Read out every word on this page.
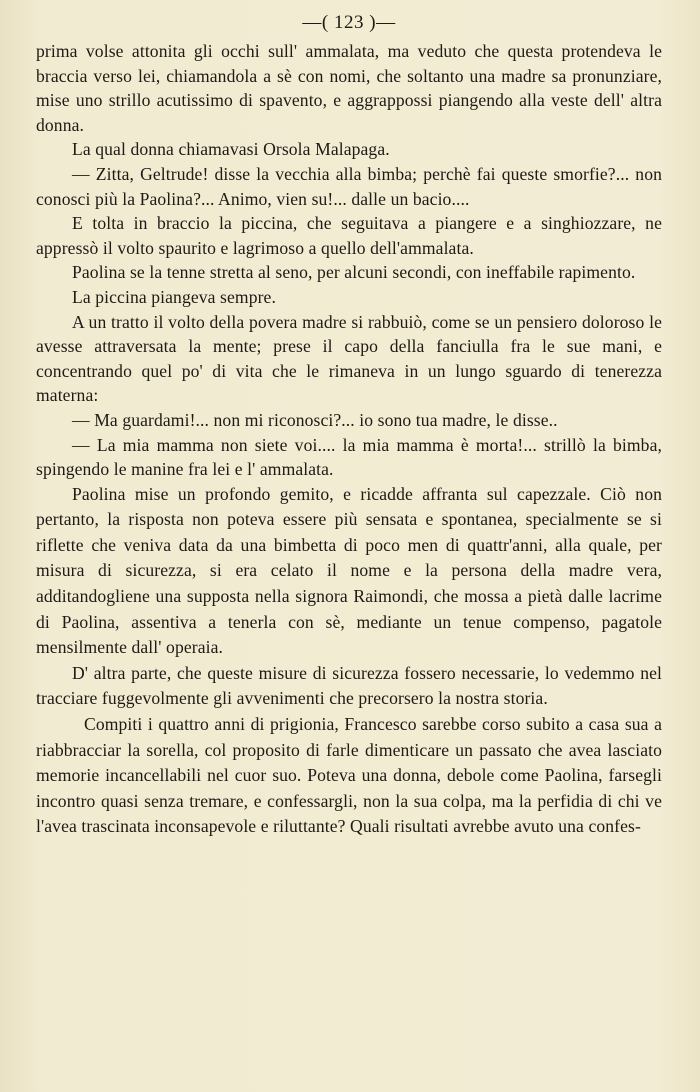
—( 123 )—

prima volse attonita gli occhi sull' ammalata, ma veduto che questa protendeva le braccia verso lei, chiamandola a sè con nomi, che soltanto una madre sa pronunziare, mise uno strillo acutissimo di spavento, e aggrappossi piangendo alla veste dell' altra donna.

La qual donna chiamavasi Orsola Malapaga.

— Zitta, Geltrude! disse la vecchia alla bimba; perchè fai queste smorfie?... non conosci più la Paolina?... Animo, vien su!... dalle un bacio....

E tolta in braccio la piccina, che seguitava a piangere e a singhiozzare, ne appressò il volto spaurito e lagrimoso a quello dell'ammalata.

Paolina se la tenne stretta al seno, per alcuni secondi, con ineffabile rapimento.

La piccina piangeva sempre.

A un tratto il volto della povera madre si rabbuiò, come se un pensiero doloroso le avesse attraversata la mente; prese il capo della fanciulla fra le sue mani, e concentrando quel po' di vita che le rimaneva in un lungo sguardo di tenerezza materna:

— Ma guardami!... non mi riconosci?... io sono tua madre, le disse..

— La mia mamma non siete voi.... la mia mamma è morta!... strillò la bimba, spingendo le manine fra lei e l' ammalata.

Paolina mise un profondo gemito, e ricadde affranta sul capezzale. Ciò non pertanto, la risposta non poteva essere più sensata e spontanea, specialmente se si riflette che veniva data da una bimbetta di poco men di quattr'anni, alla quale, per misura di sicurezza, si era celato il nome e la persona della madre vera, additandogliene una supposta nella signora Raimondi, che mossa a pietà dalle lacrime di Paolina, assentiva a tenerla con sè, mediante un tenue compenso, pagatole mensilmente dall' operaia.

D' altra parte, che queste misure di sicurezza fossero necessarie, lo vedemmo nel tracciare fuggevolmente gli avvenimenti che precorsero la nostra storia.

Compiti i quattro anni di prigionia, Francesco sarebbe corso subito a casa sua a riabbracciar la sorella, col proposito di farle dimenticare un passato che avea lasciato memorie incancellabili nel cuor suo. Poteva una donna, debole come Paolina, farsegli incontro quasi senza tremare, e confessargli, non la sua colpa, ma la perfidia di chi ve l'avea trascinata inconsapevole e riluttante? Quali risultati avrebbe avuto una confes-
